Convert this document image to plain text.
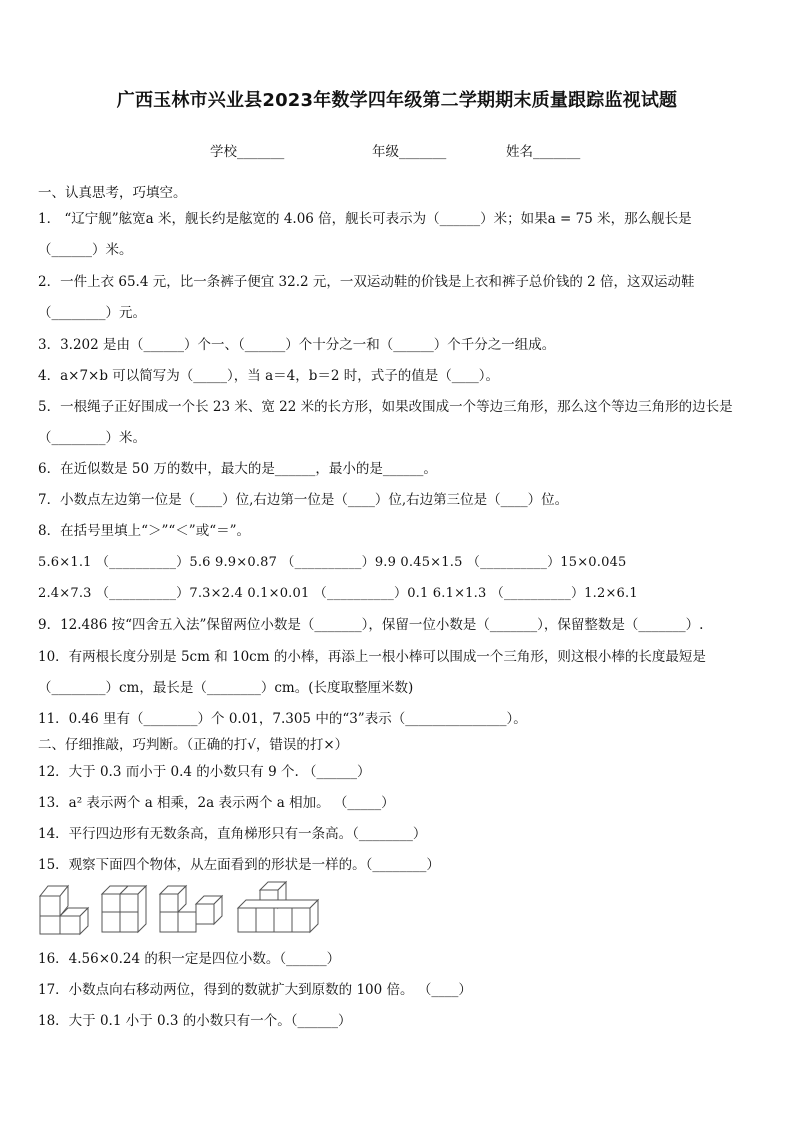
广西玉林市兴业县2023年数学四年级第二学期期末质量跟踪监视试题
学校_______	年级_______	姓名_______
一、认真思考，巧填空。
1． “辽宁舰”舷宽a 米，舰长约是舷宽的 4.06 倍，舰长可表示为（______）米；如果a = 75 米，那么舰长是
（______）米。
2．一件上衣 65.4 元，比一条裤子便宜 32.2 元，一双运动鞋的价钱是上衣和裤子总价钱的 2 倍，这双运动鞋
（________）元。
3．3.202 是由（______）个一、（______）个十分之一和（______）个千分之一组成。
4．a×7×b 可以简写为（_____），当 a＝4，b＝2 时，式子的值是（____）。
5．一根绳子正好围成一个长 23 米、宽 22 米的长方形，如果改围成一个等边三角形，那么这个等边三角形的边长是
（________）米。
6．在近似数是 50 万的数中，最大的是______，最小的是______。
7．小数点左边第一位是（____）位,右边第一位是（____）位,右边第三位是（____）位。
8．在括号里填上“＞”“＜”或“＝”。
5.6×1.1 （__________）5.6 9.9×0.87 （__________）9.9 0.45×1.5 （__________）15×0.045
2.4×7.3 （__________）7.3×2.4 0.1×0.01 （__________）0.1 6.1×1.3 （__________）1.2×6.1
9．12.486 按“四舍五入法”保留两位小数是（_______），保留一位小数是（_______），保留整数是（_______）.
10．有两根长度分别是 5cm 和 10cm 的小棒，再添上一根小棒可以围成一个三角形，则这根小棒的长度最短是
（________）cm，最长是（________）cm。(长度取整厘米数)
11．0.46 里有（________）个 0.01，7.305 中的“3”表示（_______________）。
二、仔细推敲，巧判断。（正确的打√，错误的打×）
12．大于 0.3 而小于 0.4 的小数只有 9 个. （______）
13．a² 表示两个 a 相乘，2a 表示两个 a 相加。 （_____）
14．平行四边形有无数条高，直角梯形只有一条高。（________）
15．观察下面四个物体，从左面看到的形状是一样的。（________）
16．4.56×0.24 的积一定是四位小数。（______）
17．小数点向右移动两位，得到的数就扩大到原数的 100 倍。 （____）
18．大于 0.1 小于 0.3 的小数只有一个。（______）
